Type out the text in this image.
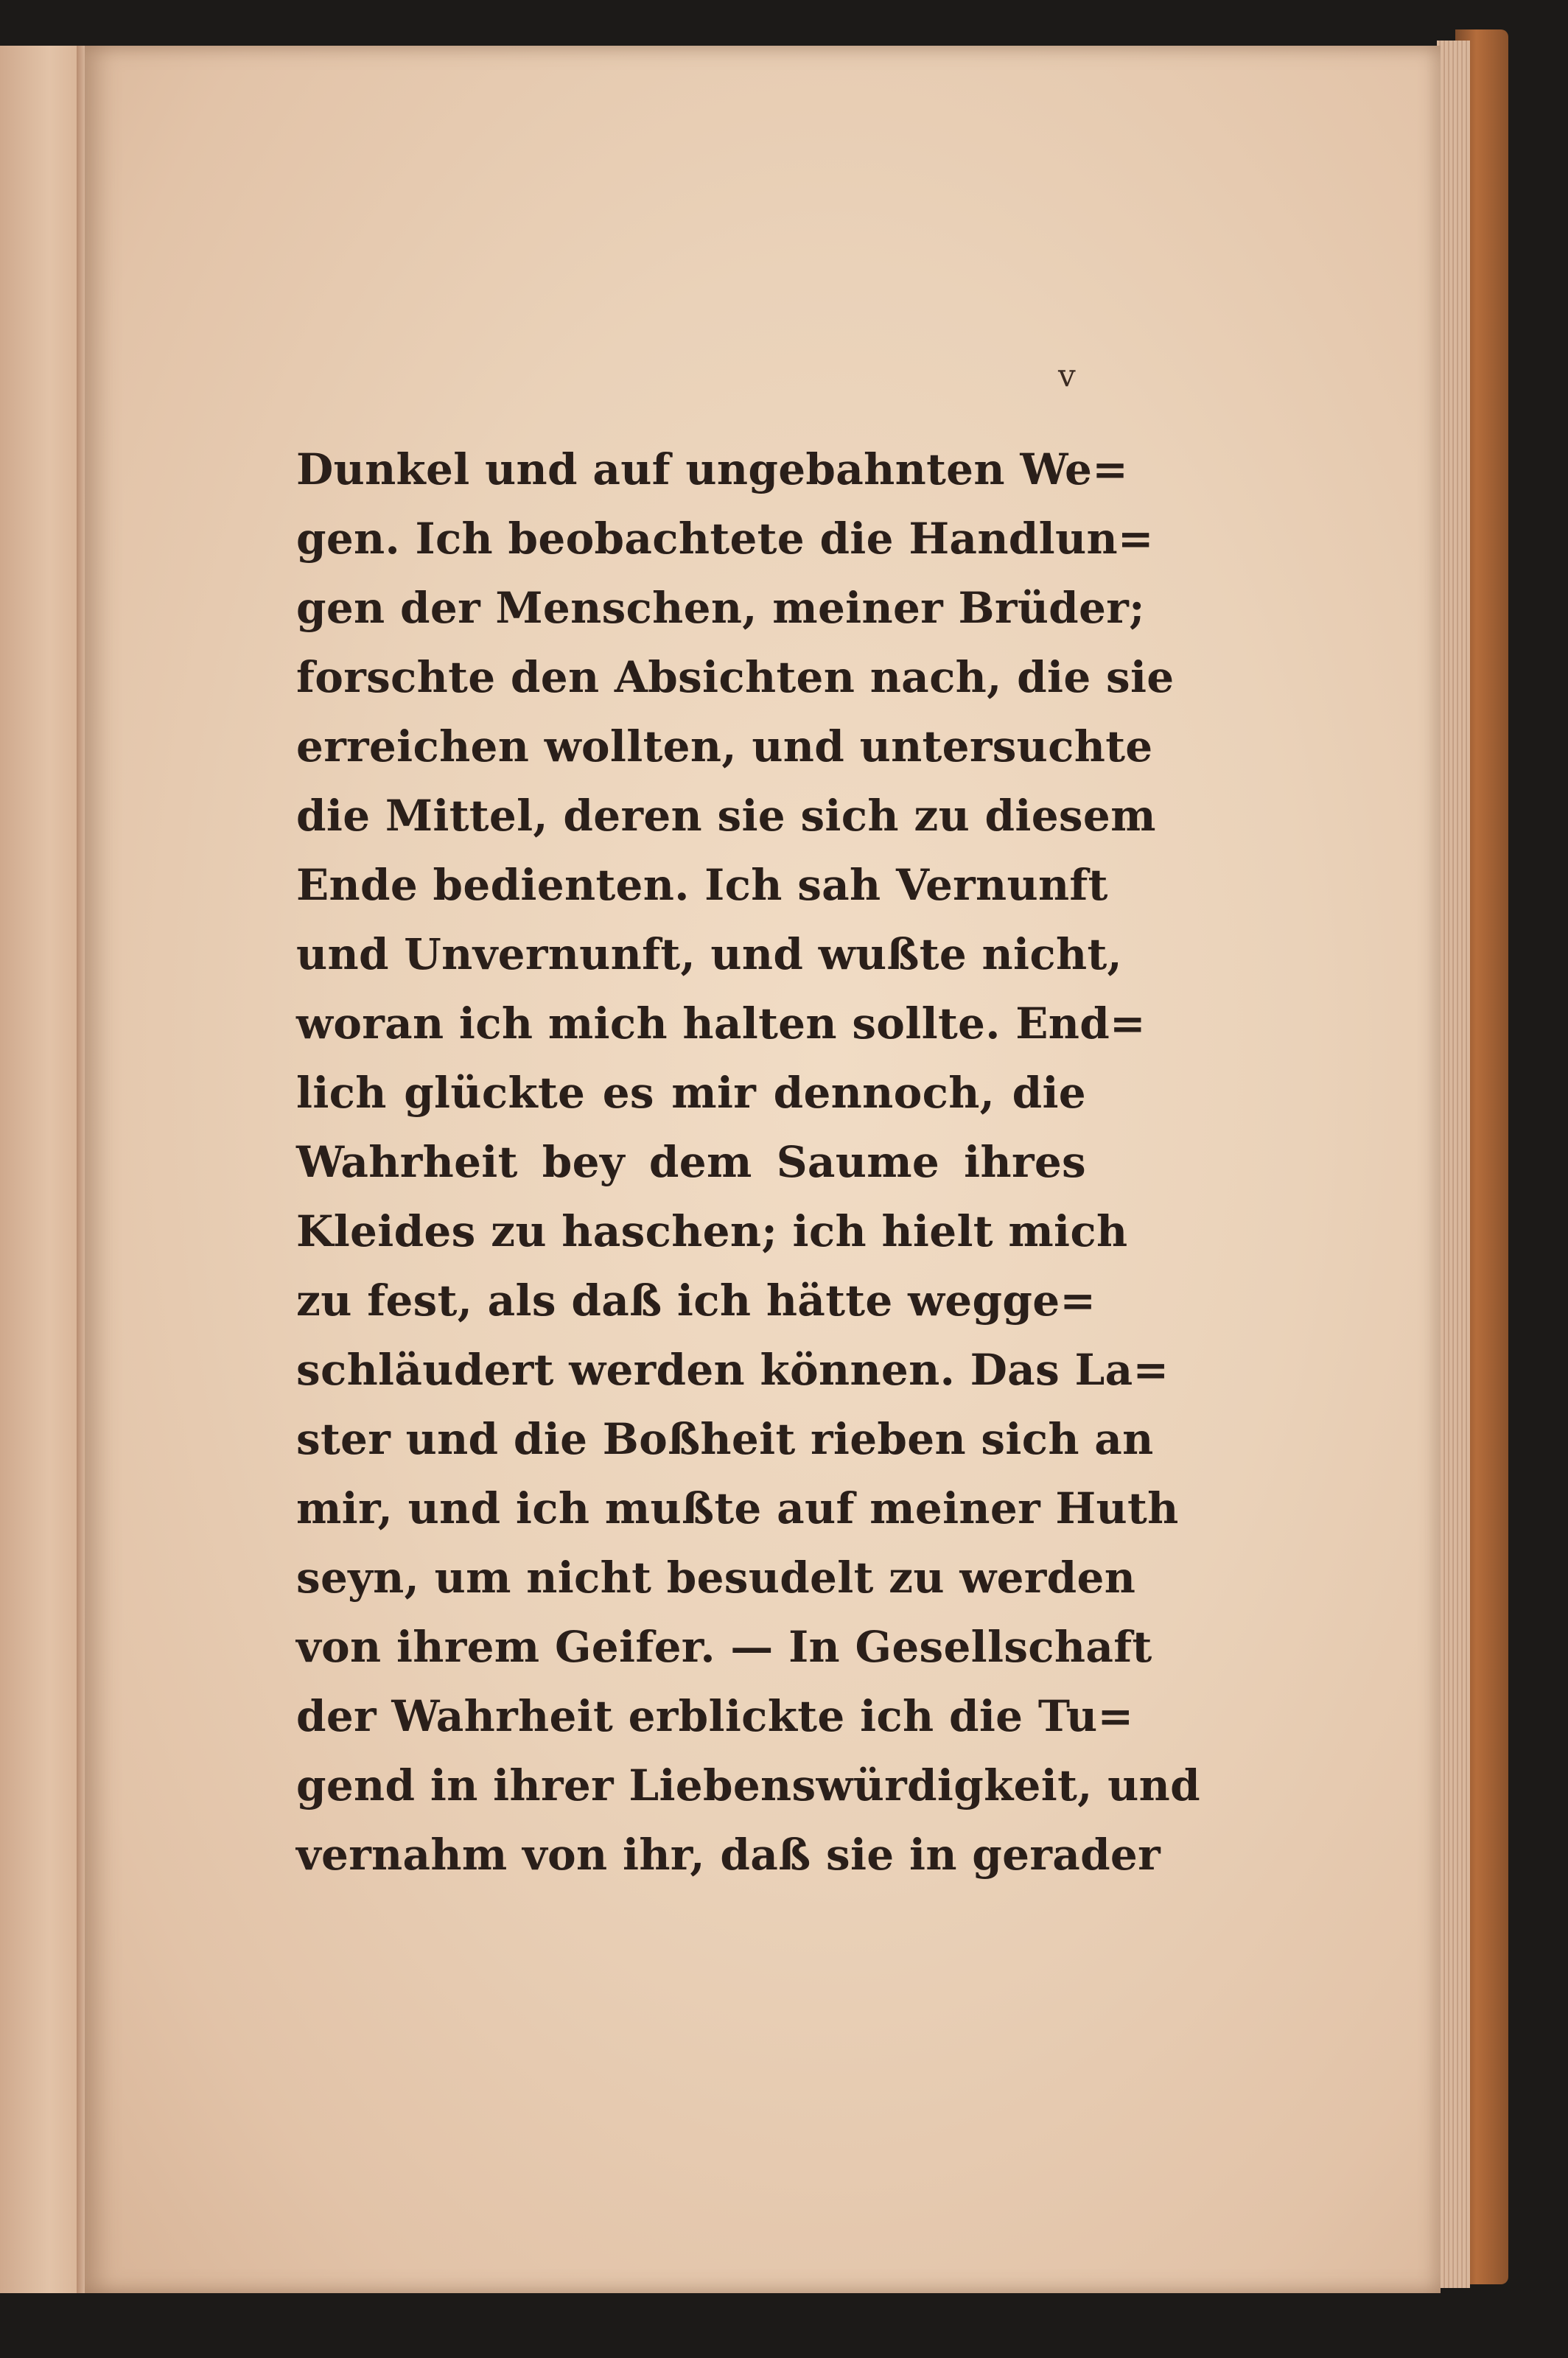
v

Dunkel und auf ungebahnten We=
gen. Ich beobachtete die Handlun=
gen der Menschen, meiner Brüder;
forschte den Absichten nach, die sie
erreichen wollten, und untersuchte
die Mittel, deren sie sich zu diesem
Ende bedienten. Ich sah Vernunft
und Unvernunft, und wußte nicht,
woran ich mich halten sollte. End=
lich glückte es mir dennoch, die
Wahrheit bey dem Saume ihres
Kleides zu haschen; ich hielt mich
zu fest, als daß ich hätte wegge=
schläudert werden können. Das La=
ster und die Boßheit rieben sich an
mir, und ich mußte auf meiner Huth
seyn, um nicht besudelt zu werden
von ihrem Geifer. — In Gesellschaft
der Wahrheit erblickte ich die Tu=
gend in ihrer Liebenswürdigkeit, und
vernahm von ihr, daß sie in gerader
